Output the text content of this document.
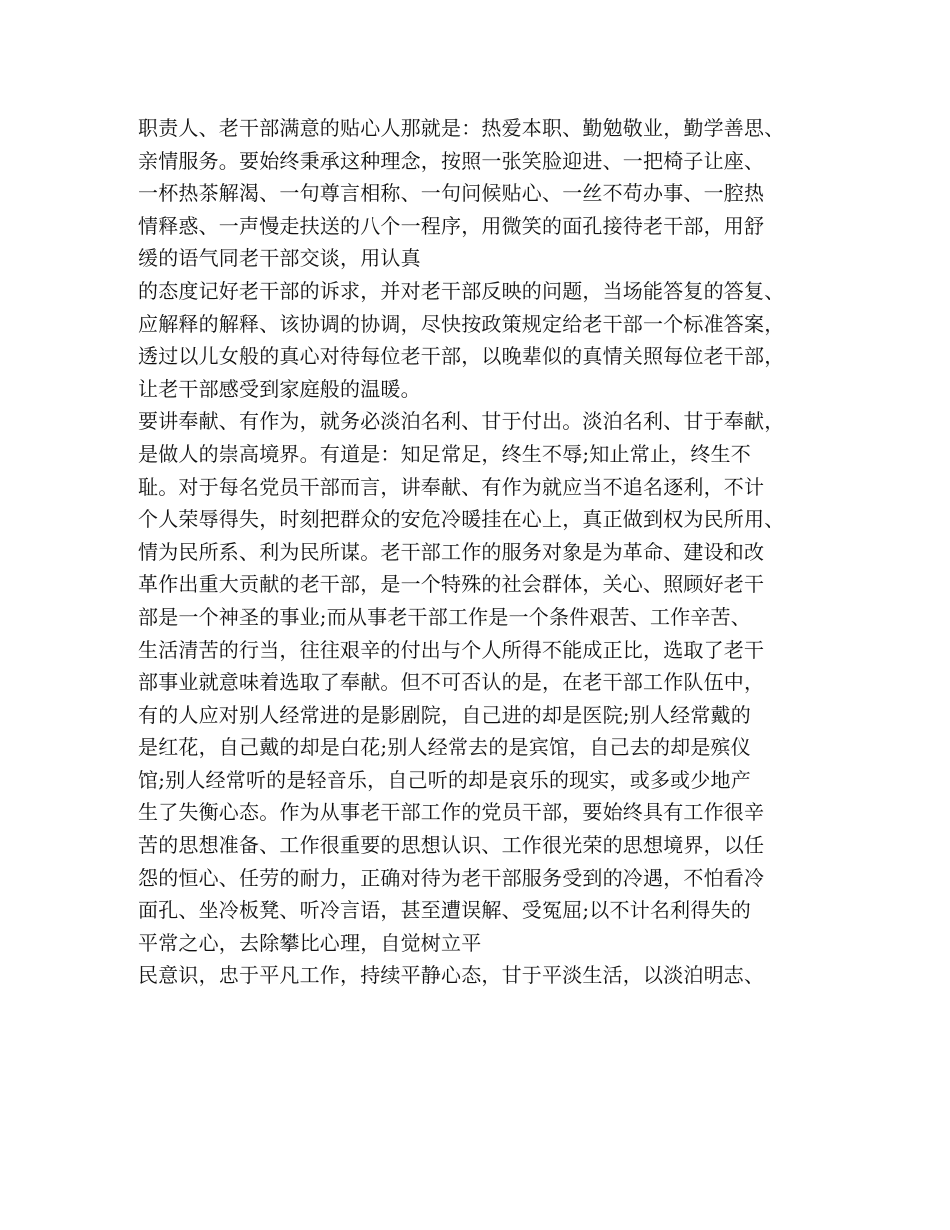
职责人、老干部满意的贴心人那就是：热爱本职、勤勉敬业，勤学善思、
亲情服务。要始终秉承这种理念，按照一张笑脸迎进、一把椅子让座、
一杯热茶解渴、一句尊言相称、一句问候贴心、一丝不苟办事、一腔热
情释惑、一声慢走扶送的八个一程序，用微笑的面孔接待老干部，用舒
缓的语气同老干部交谈，用认真
的态度记好老干部的诉求，并对老干部反映的问题，当场能答复的答复、
应解释的解释、该协调的协调，尽快按政策规定给老干部一个标准答案，
透过以儿女般的真心对待每位老干部，以晚辈似的真情关照每位老干部，
让老干部感受到家庭般的温暖。
要讲奉献、有作为，就务必淡泊名利、甘于付出。淡泊名利、甘于奉献，
是做人的崇高境界。有道是：知足常足，终生不辱;知止常止，终生不
耻。对于每名党员干部而言，讲奉献、有作为就应当不追名逐利，不计
个人荣辱得失，时刻把群众的安危冷暖挂在心上，真正做到权为民所用、
情为民所系、利为民所谋。老干部工作的服务对象是为革命、建设和改
革作出重大贡献的老干部，是一个特殊的社会群体，关心、照顾好老干
部是一个神圣的事业;而从事老干部工作是一个条件艰苦、工作辛苦、
生活清苦的行当，往往艰辛的付出与个人所得不能成正比，选取了老干
部事业就意味着选取了奉献。但不可否认的是，在老干部工作队伍中，
有的人应对别人经常进的是影剧院，自己进的却是医院;别人经常戴的
是红花，自己戴的却是白花;别人经常去的是宾馆，自己去的却是殡仪
馆;别人经常听的是轻音乐，自己听的却是哀乐的现实，或多或少地产
生了失衡心态。作为从事老干部工作的党员干部，要始终具有工作很辛
苦的思想准备、工作很重要的思想认识、工作很光荣的思想境界，以任
怨的恒心、任劳的耐力，正确对待为老干部服务受到的冷遇，不怕看冷
面孔、坐冷板凳、听冷言语，甚至遭误解、受冤屈;以不计名利得失的
平常之心，去除攀比心理，自觉树立平
民意识，忠于平凡工作，持续平静心态，甘于平淡生活，以淡泊明志、
